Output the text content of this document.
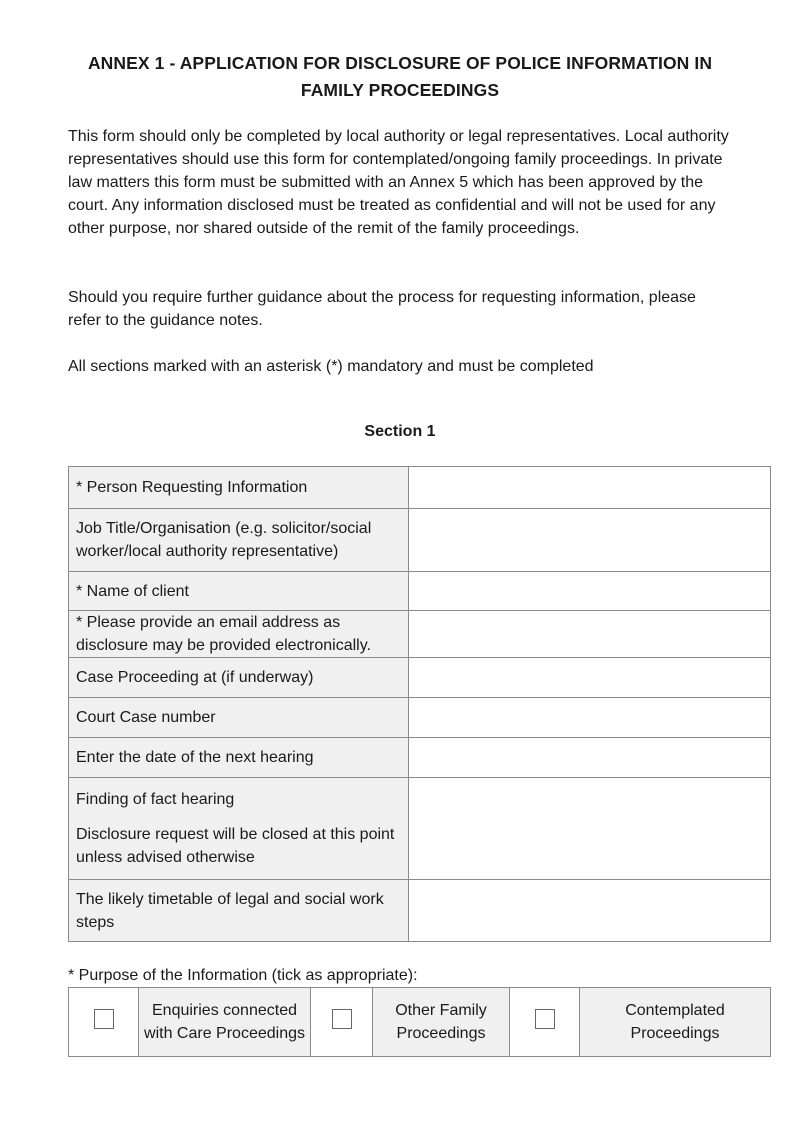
ANNEX 1 - APPLICATION FOR DISCLOSURE OF POLICE INFORMATION IN FAMILY PROCEEDINGS

This form should only be completed by local authority or legal representatives. Local authority representatives should use this form for contemplated/ongoing family proceedings. In private law matters this form must be submitted with an Annex 5 which has been approved by the court. Any information disclosed must be treated as confidential and will not be used for any other purpose, nor shared outside of the remit of the family proceedings.

Should you require further guidance about the process for requesting information, please refer to the guidance notes.

All sections marked with an asterisk (*) mandatory and must be completed

Section 1
* Person Requesting Information	
Job Title/Organisation (e.g. solicitor/social worker/local authority representative)	
* Name of client	
* Please provide an email address as disclosure may be provided electronically.	
Case Proceeding at (if underway)	
Court Case number	
Enter the date of the next hearing	

Finding of fact hearing
Disclosure request will be closed at this point unless advised otherwise

The likely timetable of legal and social work steps	
* Purpose of the Information (tick as appropriate):
	Enquiries connected with Care Proceedings		Other Family Proceedings		Contemplated Proceedings
